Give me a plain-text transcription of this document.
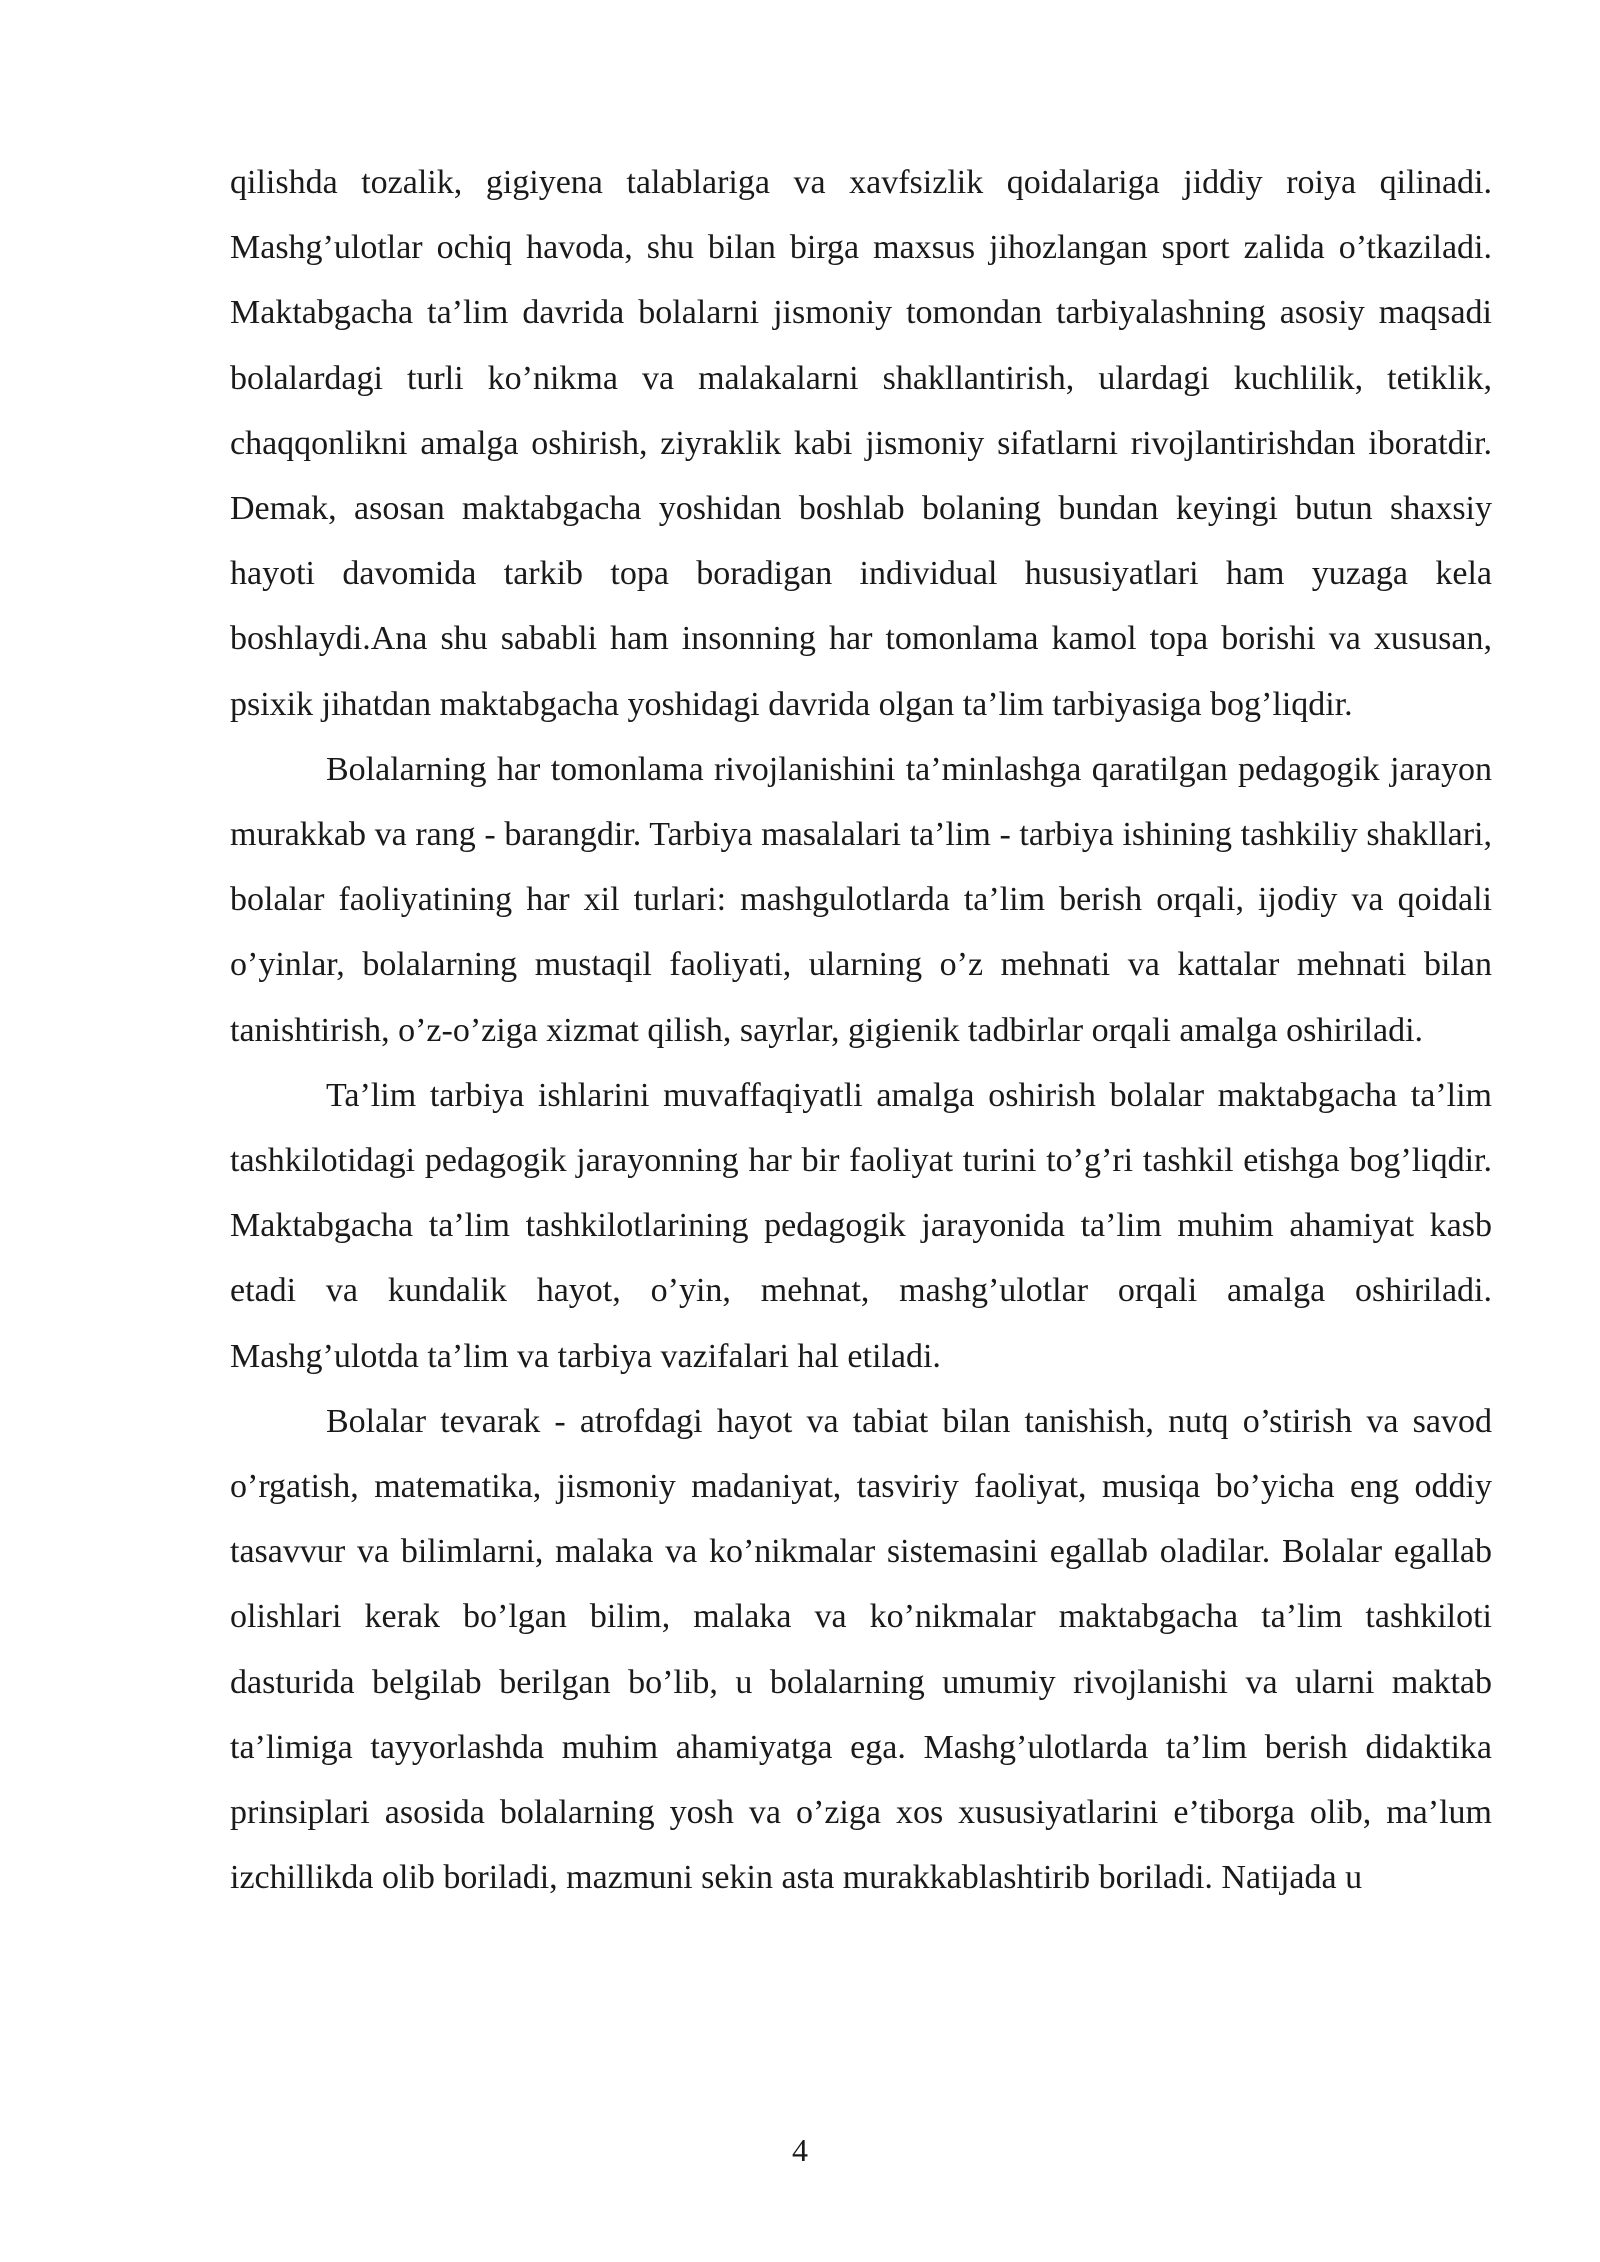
qilishda tozalik, gigiyena talablariga va xavfsizlik qoidalariga jiddiy roiya qilinadi. Mashg’ulotlar ochiq havoda, shu bilan birga maxsus jihozlangan sport zalida o’tkaziladi. Maktabgacha ta’lim davrida bolalarni jismoniy tomondan tarbiyalashning asosiy maqsadi bolalardagi turli ko’nikma va malakalarni shakllantirish, ulardagi kuchlilik, tetiklik, chaqqonlikni amalga oshirish, ziyraklik kabi jismoniy sifatlarni rivojlantirishdan iboratdir. Demak, asosan maktabgacha yoshidan boshlab bolaning bundan keyingi butun shaxsiy hayoti davomida tarkib topa boradigan individual hususiyatlari ham yuzaga kela boshlaydi.Ana shu sababli ham insonning har tomonlama kamol topa borishi va xususan, psixik jihatdan maktabgacha yoshidagi davrida olgan ta’lim tarbiyasiga bog’liqdir.

Bolalarning har tomonlama rivojlanishini ta’minlashga qaratilgan pedagogik jarayon murakkab va rang - barangdir. Tarbiya masalalari ta’lim - tarbiya ishining tashkiliy shakllari, bolalar faoliyatining har xil turlari: mashgulotlarda ta’lim berish orqali, ijodiy va qoidali o’yinlar, bolalarning mustaqil faoliyati, ularning o’z mehnati va kattalar mehnati bilan tanishtirish, o’z-o’ziga xizmat qilish, sayrlar, gigienik tadbirlar orqali amalga oshiriladi.

Ta’lim tarbiya ishlarini muvaffaqiyatli amalga oshirish bolalar maktabgacha ta’lim tashkilotidagi pedagogik jarayonning har bir faoliyat turini to’g’ri tashkil etishga bog’liqdir. Maktabgacha ta’lim tashkilotlarining pedagogik jarayonida ta’lim muhim ahamiyat kasb etadi va kundalik hayot, o’yin, mehnat, mashg’ulotlar orqali amalga oshiriladi. Mashg’ulotda ta’lim va tarbiya vazifalari hal etiladi.

Bolalar tevarak - atrofdagi hayot va tabiat bilan tanishish, nutq o’stirish va savod o’rgatish, matematika, jismoniy madaniyat, tasviriy faoliyat, musiqa bo’yicha eng oddiy tasavvur va bilimlarni, malaka va ko’nikmalar sistemasini egallab oladilar. Bolalar egallab olishlari kerak bo’lgan bilim, malaka va ko’nikmalar maktabgacha ta’lim tashkiloti dasturida belgilab berilgan bo’lib, u bolalarning umumiy rivojlanishi va ularni maktab ta’limiga tayyorlashda muhim ahamiyatga ega. Mashg’ulotlarda ta’lim berish didaktika prinsiplari asosida bolalarning yosh va o’ziga xos xususiyatlarini e’tiborga olib, ma’lum izchillikda olib boriladi, mazmuni sekin asta murakkablashtirib boriladi. Natijada u

4
